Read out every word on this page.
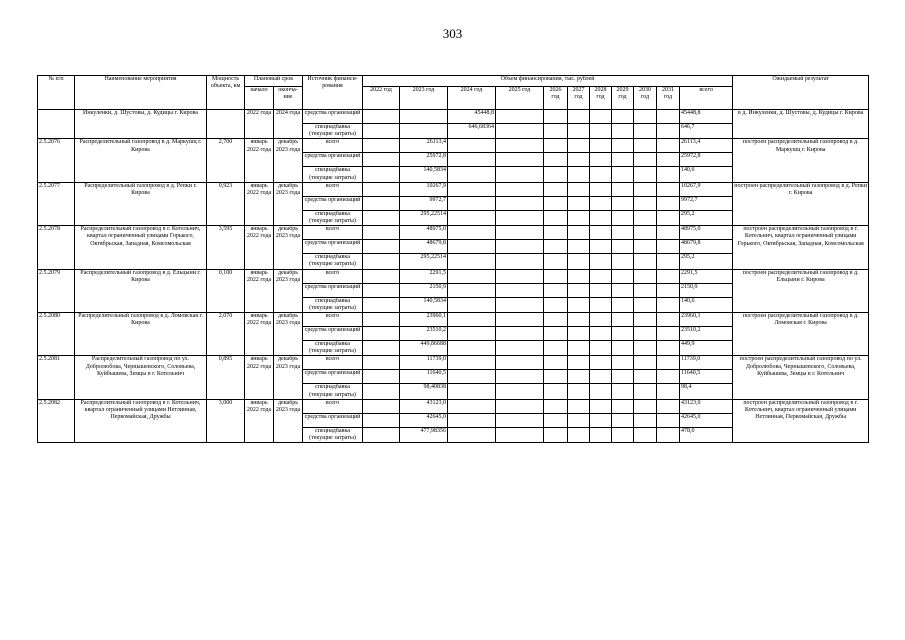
303
№ п/п	Наименование мероприятия	Мощность объекта, км	Плановый срок		Источник финанси-рования	Объем финансирования, тыс. рублей											Ожидаемый результат
			начало	оконча-ние		2022 год	2023 год	2024 год	2025 год	2026 год	2027 год	2028 год	2029 год	2030 год	2031 год	всего	
	Инкуленки, д. Шустовы, д. Кудицы г. Кирова		2022 года	2024 года	средства организаций			45448,8								45448,8	в д. Инкуленки, д. Шустовы, д. Кудицы г. Кирова
					спецнадбавка (текущие затраты)			646,68364								646,7	
2.5.2076	Распределительный газопровод в д. Маркушц г. Кирова	2,700	январь 2022 года	декабрь 2023 года	всего		26113,4									26113,4	построен распределительный газопровод в д. Маркушц г. Кирова
					средства организаций		25972,8									25972,8	
					спецнадбавка (текущие затраты)		140,5834									140,6	
2.5.2077	Распределительный газопровод в д. Репки г. Кирова	0,923	январь 2022 года	декабрь 2023 года	всего		10267,9									10267,9	построен распределительный газопровод в д. Репки г. Кирова
					средства организаций		9972,7									9972,7	
					спецнадбавка (текущие затраты)		295,22514									295,2	
2.5.2078	Распределительный газопровод в г. Котельнич, квартал ограниченный улицами Горького, Октябрьская, Западная, Комсомольская	3,595	январь 2022 года	декабрь 2023 года	всего		48975,0									48975,0	построен распределительный газопровод в г. Котельнич, квартал ограниченный улицами Горького, Октябрьская, Западная, Комсомольская
					средства организаций		48679,8									48679,8	
					спецнадбавка (текущие затраты)		295,22514									295,2	
2.5.2079	Распределительный газопровод в д. Ельцыни г. Кирова	0,100	январь 2022 года	декабрь 2023 года	всего		2291,5									2291,5	построен распределительный газопровод в д. Ельцыни г. Кирова
					средства организаций		2150,9									2150,9	
					спецнадбавка (текущие затраты)		140,5834									140,6	
2.5.2080	Распределительный газопровод в д. Ломовская г. Кирова	2,070	январь 2022 года	декабрь 2023 года	всего		23960,1									23960,1	построен распределительный газопровод в д. Ломовская г. Кирова
					средства организаций		23510,2									23510,2	
					спецнадбавка (текущие затраты)		449,86688									449,9	
2.5.2081	Распределительный газопровод по ул. Добролюбова, Чернышевского, Соловьева, Куйбышева, Земцы в г. Котельнич	0,895	январь 2022 года	декабрь 2023 года	всего		11739,0									11739,0	построен распределительный газопровод по ул. Добролюбова, Чернышевского, Соловьева, Куйбышева, Земцы в г. Котельнич
					средства организаций		11640,5									11640,5	
					спецнадбавка (текущие затраты)		98,40838									98,4	
2.5.2082	Распределительный газопровод в г. Котельнич, квартал ограниченный улицами Нетлинная, Первомайская, Дружбы	3,000	январь 2022 года	декабрь 2023 года	всего		43123,0									43123,0	построен распределительный газопровод в г. Котельнич, квартал ограниченный улицами Нетлинная, Первомайская, Дружбы
					средства организаций		42645,0									42645,0	
					спецнадбавка (текущие затраты)		477,98356									478,0	
